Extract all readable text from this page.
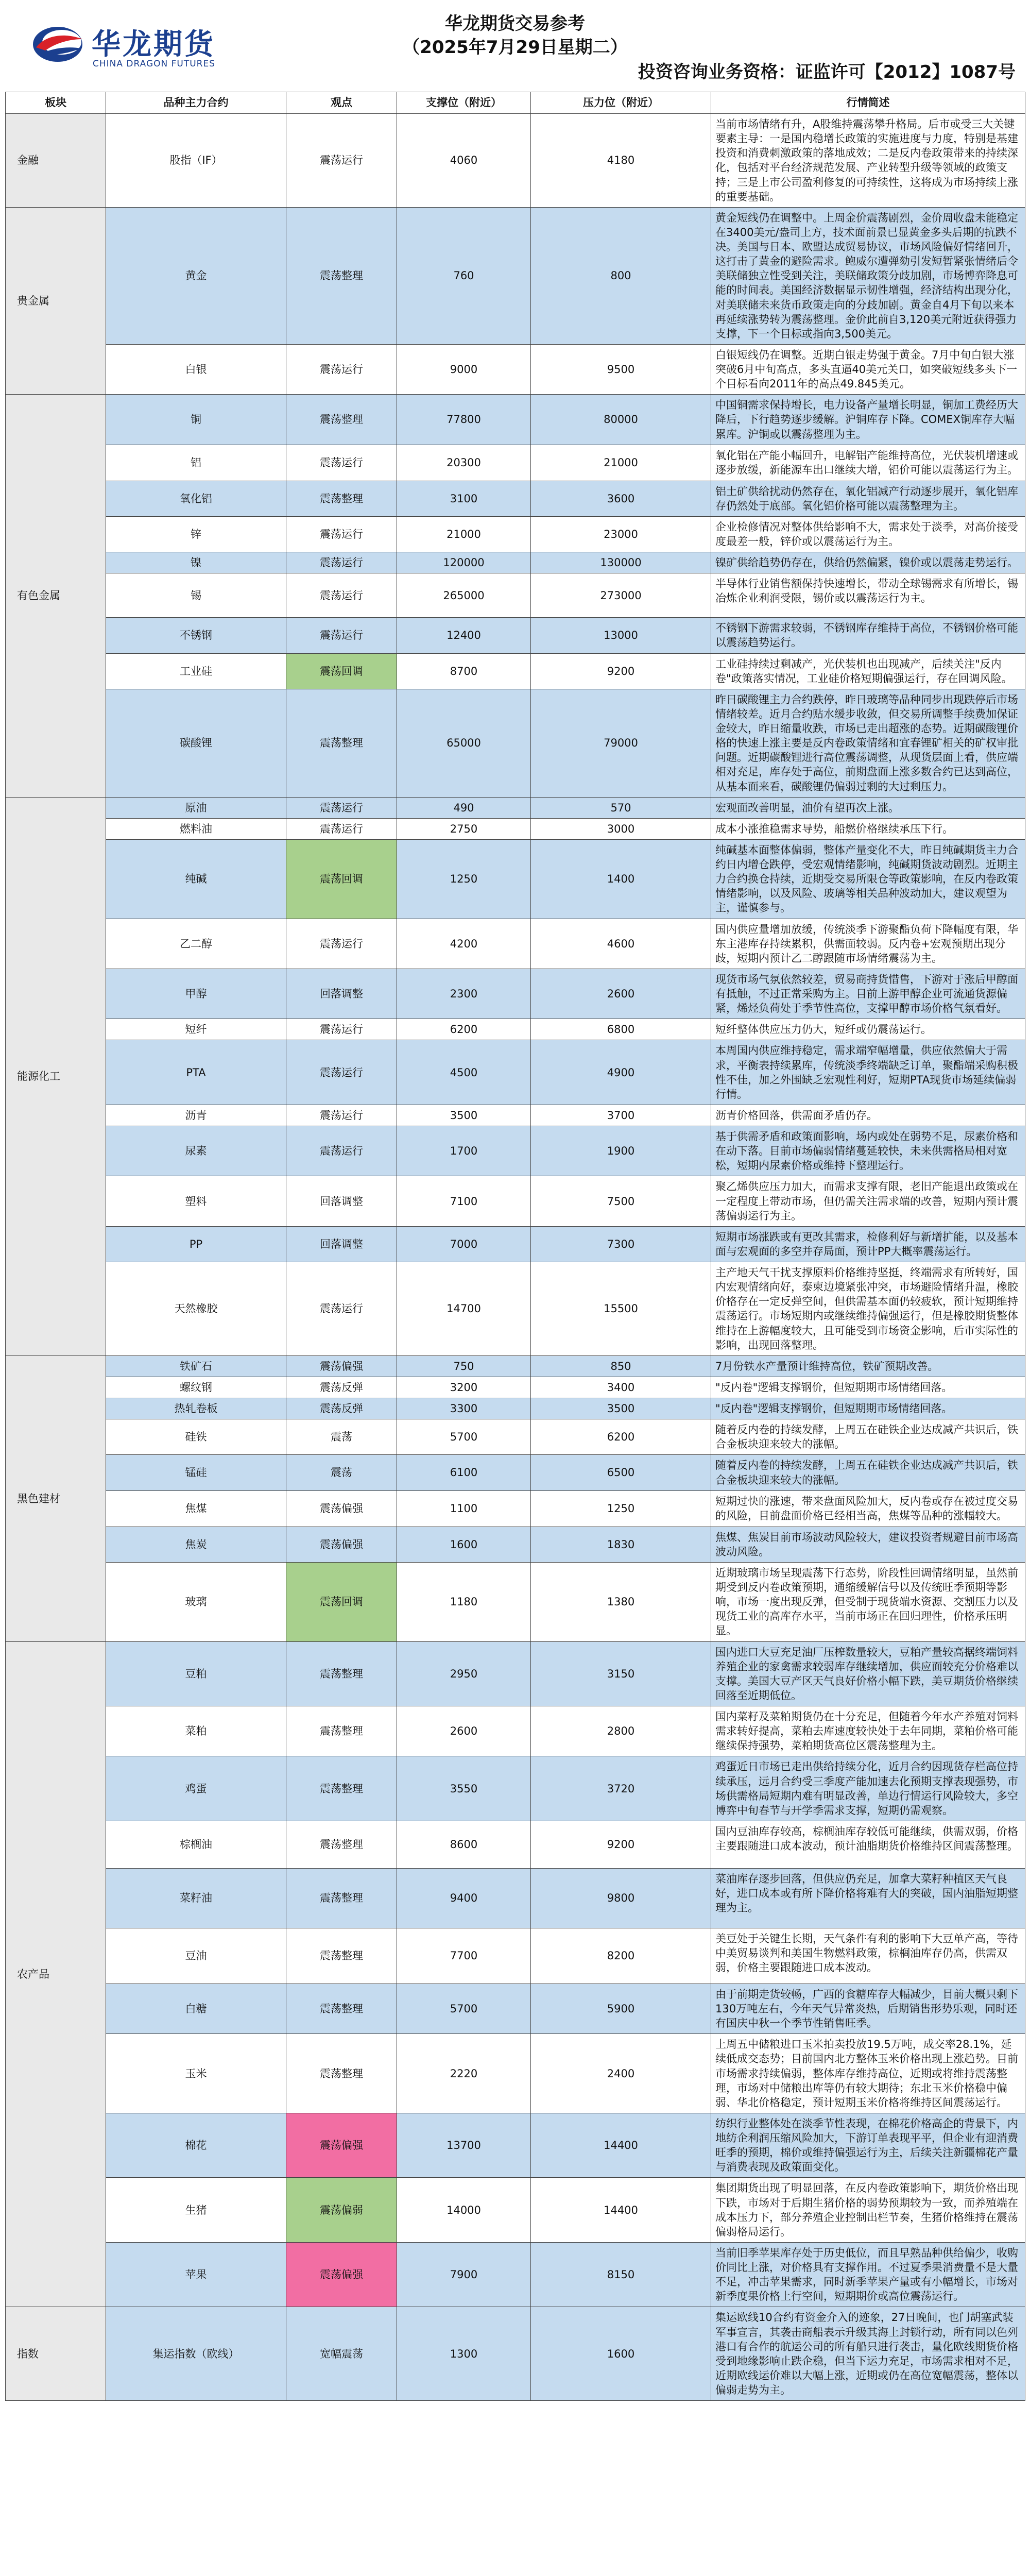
华龙期货
CHINA DRAGON FUTURES
华龙期货交易参考
（2025年7月29日星期二）
投资咨询业务资格：证监许可【2012】1087号
板块	品种主力合约	观点	支撑位（附近）	压力位（附近）	行情简述
金融	股指（IF）	震荡运行	4060	4180	当前市场情绪有升，A股维持震荡攀升格局。后市或受三大关键要素主导：一是国内稳增长政策的实施进度与力度，特别是基建投资和消费刺激政策的落地成效；二是反内卷政策带来的持续深化，包括对平台经济规范发展、产业转型升级等领域的政策支持；三是上市公司盈利修复的可持续性，这将成为市场持续上涨的重要基础。
贵金属	黄金	震荡整理	760	800	黄金短线仍在调整中。上周金价震荡剧烈，金价周收盘未能稳定在3400美元/盎司上方，技术面前景已显黄金多头后期的抗跌不决。美国与日本、欧盟达成贸易协议，市场风险偏好情绪回升，这打击了黄金的避险需求。鲍威尔遭弹劾引发短暂紧张情绪后令美联储独立性受到关注，美联储政策分歧加剧，市场博弈降息可能的时间表。美国经济数据显示韧性增强，经济结构出现分化，对美联储未来货币政策走向的分歧加剧。黄金自4月下旬以来本再延续涨势转为震荡整理。金价此前自3,120美元附近获得强力支撑，下一个目标或指向3,500美元。
	白银	震荡运行	9000	9500	白银短线仍在调整。近期白银走势强于黄金。7月中旬白银大涨突破6月中旬高点，多头直逼40美元关口，如突破短线多头下一个目标看向2011年的高点49.845美元。
有色金属	铜	震荡整理	77800	80000	中国铜需求保持增长，电力设备产量增长明显，铜加工费经历大降后，下行趋势逐步缓解。沪铜库存下降。COMEX铜库存大幅累库。沪铜或以震荡整理为主。
	铝	震荡运行	20300	21000	氧化铝在产能小幅回升，电解铝产能维持高位，光伏装机增速或逐步放缓，新能源车出口继续大增，铝价可能以震荡运行为主。
	氧化铝	震荡整理	3100	3600	铝土矿供给扰动仍然存在，氧化铝减产行动逐步展开，氧化铝库存仍然处于底部。氧化铝价格可能以震荡整理为主。
	锌	震荡运行	21000	23000	企业检修情况对整体供给影响不大，需求处于淡季，对高价接受度最差一般，锌价或以震荡运行为主。
	镍	震荡运行	120000	130000	镍矿供给趋势仍存在，供给仍然偏紧，镍价或以震荡走势运行。
	锡	震荡运行	265000	273000	半导体行业销售额保持快速增长，带动全球锡需求有所增长，锡冶炼企业利润受限，锡价或以震荡运行为主。
	不锈钢	震荡运行	12400	13000	不锈钢下游需求较弱，不锈钢库存维持于高位，不锈钢价格可能以震荡趋势运行。
	工业硅	震荡回调	8700	9200	工业硅持续过剩减产，光伏装机也出现减产，后续关注"反内卷"政策落实情况，工业硅价格短期偏强运行，存在回调风险。
	碳酸锂	震荡整理	65000	79000	昨日碳酸锂主力合约跌停，昨日玻璃等品种同步出现跌停后市场情绪较差。近月合约贴水缓步收敛，但交易所调整手续费加保证金较大，昨日缩量收跌，市场已走出超涨的态势。近期碳酸锂价格的快速上涨主要是反内卷政策情绪和宜春锂矿相关的矿权审批问题。近期碳酸锂进行高位震荡调整，从现货层面上看，供应端相对充足，库存处于高位，前期盘面上涨多数合约已达到高位，从基本面来看，碳酸锂仍偏弱过剩的大过剩压力。
能源化工	原油	震荡运行	490	570	宏观面改善明显，油价有望再次上涨。
	燃料油	震荡运行	2750	3000	成本小涨推稳需求导势，船燃价格继续承压下行。
	纯碱	震荡回调	1250	1400	纯碱基本面整体偏弱，整体产量变化不大，昨日纯碱期货主力合约日内增仓跌停，受宏观情绪影响，纯碱期货波动剧烈。近期主力合约换仓持续，近期受交易所限仓等政策影响，在反内卷政策情绪影响，以及风险、玻璃等相关品种波动加大，建议观望为主，谨慎参与。
	乙二醇	震荡运行	4200	4600	国内供应量增加放缓，传统淡季下游聚酯负荷下降幅度有限，华东主港库存持续累积，供需面较弱。反内卷+宏观预期出现分歧，短期内预计乙二醇跟随市场情绪震荡为主。
	甲醇	回落调整	2300	2600	现货市场气氛依然较差，贸易商持货惜售，下游对于涨后甲醇面有抵触，不过正常采购为主。目前上游甲醇企业可流通货源偏紧，烯烃负荷处于季节性高位，支撑甲醇市场价格气氛看好。
	短纤	震荡运行	6200	6800	短纤整体供应压力仍大，短纤或仍震荡运行。
	PTA	震荡运行	4500	4900	本周国内供应维持稳定，需求端窄幅增量，供应依然偏大于需求，平衡表持续累库，传统淡季终端缺乏订单，聚酯端采购积极性不佳，加之外围缺乏宏观性利好，短期PTA现货市场延续偏弱行情。
	沥青	震荡运行	3500	3700	沥青价格回落，供需面矛盾仍存。
	尿素	震荡运行	1700	1900	基于供需矛盾和政策面影响，场内或处在弱势不足，尿素价格和在动下落。目前市场偏弱情绪蔓延较快，未来供需格局相对宽松，短期内尿素价格或维持下整理运行。
	塑料	回落调整	7100	7500	聚乙烯供应压力加大，而需求支撑有限，老旧产能退出政策或在一定程度上带动市场，但仍需关注需求端的改善，短期内预计震荡偏弱运行为主。
	PP	回落调整	7000	7300	短期市场涨跌或有更改其需求，检修利好与新增扩能，以及基本面与宏观面的多空并存局面，预计PP大概率震荡运行。
	天然橡胶	震荡运行	14700	15500	主产地天气干扰支撑原料价格维持坚挺，终端需求有所转好，国内宏观情绪向好，泰柬边境紧张冲突，市场避险情绪升温，橡胶价格存在一定反弹空间，但供需基本面仍较疲软，预计短期维持震荡运行。市场短期内或继续维持偏强运行，但是橡胶期货整体维持在上游幅度较大，且可能受到市场资金影响，后市实际性的影响，出现回落整理。
黑色建材	铁矿石	震荡偏强	750	850	7月份铁水产量预计维持高位，铁矿预期改善。
	螺纹钢	震荡反弹	3200	3400	"反内卷"逻辑支撑钢价，但短期期市场情绪回落。
	热轧卷板	震荡反弹	3300	3500	"反内卷"逻辑支撑钢价，但短期期市场情绪回落。
	硅铁	震荡	5700	6200	随着反内卷的持续发酵，上周五在硅铁企业达成减产共识后，铁合金板块迎来较大的涨幅。
	锰硅	震荡	6100	6500	随着反内卷的持续发酵，上周五在硅铁企业达成减产共识后，铁合金板块迎来较大的涨幅。
	焦煤	震荡偏强	1100	1250	短期过快的涨速，带来盘面风险加大，反内卷或存在被过度交易的风险，目前盘面价格已经相当高，焦煤等品种的涨幅较大。
	焦炭	震荡偏强	1600	1830	焦煤、焦炭目前市场波动风险较大，建议投资者规避目前市场高波动风险。
	玻璃	震荡回调	1180	1380	近期玻璃市场呈现震荡下行态势，阶段性回调情绪明显，虽然前期受到反内卷政策预期，通缩缓解信号以及传统旺季预期等影响，市场一度出现反弹，但受制于现货端水资源、交割压力以及现货工业的高库存水平，当前市场正在回归理性，价格承压明显。
农产品	豆粕	震荡整理	2950	3150	国内进口大豆充足油厂压榨数量较大，豆粕产量较高据终端饲料养殖企业的家禽需求较弱库存继续增加，供应面较充分价格难以支撑。美国大豆产区天气良好价格小幅下跌，美豆期货价格继续回落至近期低位。
	菜粕	震荡整理	2600	2800	国内菜籽及菜粕期货仍在十分充足，但随着今年水产养殖对饲料需求转好提高，菜粕去库速度较快处于去年同期，菜粕价格可能继续保持强势，菜粕期货高位区震荡整理为主。
	鸡蛋	震荡整理	3550	3720	鸡蛋近日市场已走出供给持续分化，近月合约因现货存栏高位持续承压，远月合约受三季度产能加速去化预期支撑表现强势，市场供需格局短期内难有明显改善，单边行情运行风险较大，多空博弈中旬春节与开学季需求支撑，短期仍需观察。
	棕榈油	震荡整理	8600	9200	国内豆油库存较高，棕榈油库存较低可能继续，供需双弱，价格主要跟随进口成本波动，预计油脂期货价格维持区间震荡整理。
	菜籽油	震荡整理	9400	9800	菜油库存逐步回落，但供应仍充足，加拿大菜籽种植区天气良好，进口成本或有所下降价格将难有大的突破，国内油脂短期整理为主。
	豆油	震荡整理	7700	8200	美豆处于关键生长期，天气条件有利的影响下大豆单产高，等待中美贸易谈判和美国生物燃料政策，棕榈油库存仍高，供需双弱，价格主要跟随进口成本波动。
	白糖	震荡整理	5700	5900	由于前期走货较畅，广西的食糖库存大幅减少，目前大概只剩下130万吨左右，今年天气异常炎热，后期销售形势乐观，同时还有国庆中秋一个季节性销售旺季。
	玉米	震荡整理	2220	2400	上周五中储粮进口玉米拍卖投放19.5万吨，成交率28.1%，延续低成交态势；目前国内北方整体玉米价格出现上涨趋势。目前市场需求持续偏弱，整体库存维持高位，近期或将维持震荡整理，市场对中储粮出库等仍有较大期待；东北玉米价格稳中偏弱、华北价格稳定，预计短期玉米价格将维持区间震荡运行。
	棉花	震荡偏强	13700	14400	纺织行业整体处在淡季节性表现，在棉花价格高企的背景下，内地纺企利润压缩风险加大，下游订单表现平平，但企业有迎消费旺季的预期，棉价或维持偏强运行为主，后续关注新疆棉花产量与消费表现及政策面变化。
	生猪	震荡偏弱	14000	14400	集团期货出现了明显回落，在反内卷政策影响下，期货价格出现下跌，市场对于后期生猪价格的弱势预期较为一致，而养殖端在成本压力下，部分养殖企业控制出栏节奏，生猪价格维持在震荡偏弱格局运行。
	苹果	震荡偏强	7900	8150	当前旧季苹果库存处于历史低位，而且早熟品种供给偏少，收购价同比上涨，对价格具有支撑作用。不过夏季果消费量不是大量不足，冲击苹果需求，同时新季苹果产量或有小幅增长，市场对新季度果价格上行空间，短期期价或高位震荡运行。
指数	集运指数（欧线）	宽幅震荡	1300	1600	集运欧线10合约有资金介入的迹象，27日晚间，也门胡塞武装军事宣言，其袭击商船表示升级其海上封锁行动，所有同以色列港口有合作的航运公司的所有船只进行袭击，量化欧线期货价格受到地缘影响止跌企稳，但当下运力充足，市场需求相对不足，近期欧线运价难以大幅上涨，近期或仍在高位宽幅震荡，整体以偏弱走势为主。
